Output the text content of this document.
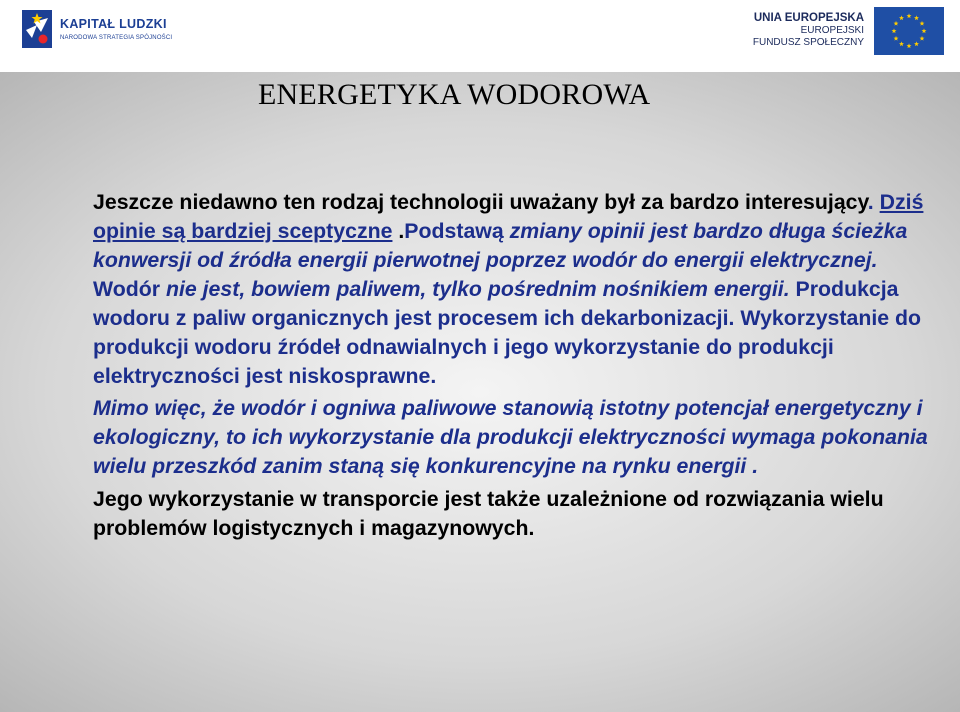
KAPITAŁ LUDZKI
NARODOWA STRATEGIA SPÓJNOŚCI
UNIA EUROPEJSKA
EUROPEJSKI
FUNDUSZ SPOŁECZNY
ENERGETYKA WODOROWA

Jeszcze niedawno ten rodzaj technologii uważany był za bardzo interesujący. Dziś opinie są bardziej sceptyczne .Podstawą zmiany opinii jest bardzo długa ścieżka konwersji od źródła energii pierwotnej poprzez wodór do energii elektrycznej. Wodór nie jest, bowiem paliwem, tylko pośrednim nośnikiem energii. Produkcja wodoru z paliw organicznych jest procesem ich dekarbonizacji. Wykorzystanie do produkcji wodoru źródeł odnawialnych i jego wykorzystanie do produkcji elektryczności jest niskosprawne.

Mimo więc, że wodór i ogniwa paliwowe stanowią istotny potencjał energetyczny i ekologiczny, to ich wykorzystanie dla produkcji elektryczności wymaga pokonania wielu przeszkód zanim staną się konkurencyjne na rynku energii .

Jego wykorzystanie w transporcie jest także uzależnione od rozwiązania wielu problemów logistycznych i magazynowych.
